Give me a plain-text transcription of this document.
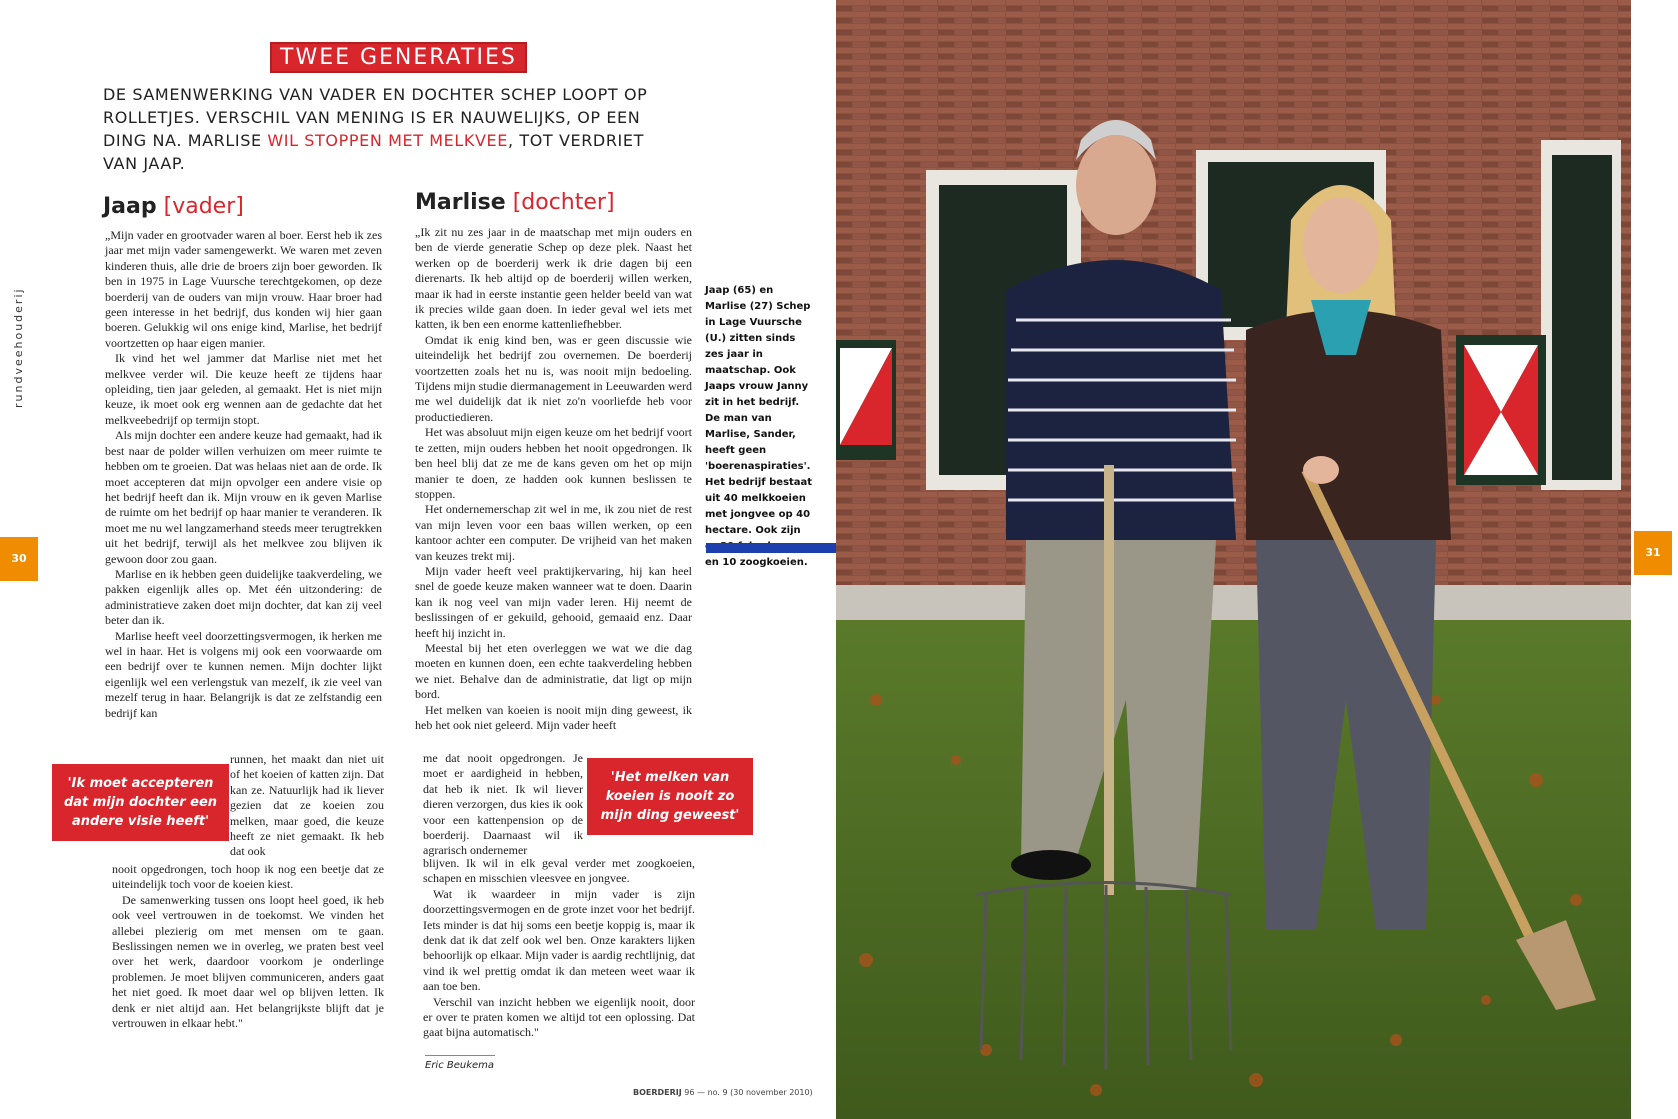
rundveehouderij
30
TWEE GENERATIES
DE SAMENWERKING VAN VADER EN DOCHTER SCHEP LOOPT OP ROLLETJES. VERSCHIL VAN MENING IS ER NAUWELIJKS, OP EEN DING NA. MARLISE WIL STOPPEN MET MELKVEE, TOT VERDRIET VAN JAAP.
Jaap [vader]

„Mijn vader en grootvader waren al boer. Eerst heb ik zes jaar met mijn vader samengewerkt. We waren met zeven kinderen thuis, alle drie de broers zijn boer geworden. Ik ben in 1975 in Lage Vuursche terechtgekomen, op deze boerderij van de ouders van mijn vrouw. Haar broer had geen interesse in het bedrijf, dus konden wij hier gaan boeren. Gelukkig wil ons enige kind, Marlise, het bedrijf voortzetten op haar eigen manier.

Ik vind het wel jammer dat Marlise niet met het melkvee verder wil. Die keuze heeft ze tijdens haar opleiding, tien jaar geleden, al gemaakt. Het is niet mijn keuze, ik moet ook erg wennen aan de gedachte dat het melkveebedrijf op termijn stopt.

Als mijn dochter een andere keuze had gemaakt, had ik best naar de polder willen verhuizen om meer ruimte te hebben om te groeien. Dat was helaas niet aan de orde. Ik moet accepteren dat mijn opvolger een andere visie op het bedrijf heeft dan ik. Mijn vrouw en ik geven Marlise de ruimte om het bedrijf op haar manier te veranderen. Ik moet me nu wel langzamerhand steeds meer terugtrekken uit het bedrijf, terwijl als het melkvee zou blijven ik gewoon door zou gaan.

Marlise en ik hebben geen duidelijke taakverdeling, we pakken eigenlijk alles op. Met één uitzondering: de administratieve zaken doet mijn dochter, dat kan zij veel beter dan ik.

Marlise heeft veel doorzettingsvermogen, ik herken me wel in haar. Het is volgens mij ook een voorwaarde om een bedrijf over te kunnen nemen. Mijn dochter lijkt eigenlijk wel een verlengstuk van mezelf, ik zie veel van mezelf terug in haar. Belangrijk is dat ze zelfstandig een bedrijf kan

runnen, het maakt dan niet uit of het koeien of katten zijn. Dat kan ze. Natuurlijk had ik liever gezien dat ze koeien zou melken, maar goed, die keuze heeft ze niet gemaakt. Ik heb dat ook

nooit opgedrongen, toch hoop ik nog een beetje dat ze uiteindelijk toch voor de koeien kiest.

De samenwerking tussen ons loopt heel goed, ik heb ook veel vertrouwen in de toekomst. We vinden het allebei plezierig om met mensen om te gaan. Beslissingen nemen we in overleg, we praten best veel over het werk, daardoor voorkom je onderlinge problemen. Je moet blijven communiceren, anders gaat het niet goed. Ik moet daar wel op blijven letten. Ik denk er niet altijd aan. Het belangrijkste blijft dat je vertrouwen in elkaar hebt."

'Ik moet accepteren dat mijn dochter een andere visie heeft'
Marlise [dochter]

„Ik zit nu zes jaar in de maatschap met mijn ouders en ben de vierde generatie Schep op deze plek. Naast het werken op de boerderij werk ik drie dagen bij een dierenarts. Ik heb altijd op de boerderij willen werken, maar ik had in eerste instantie geen helder beeld van wat ik precies wilde gaan doen. In ieder geval wel iets met katten, ik ben een enorme kattenliefhebber.

Omdat ik enig kind ben, was er geen discussie wie uiteindelijk het bedrijf zou overnemen. De boerderij voortzetten zoals het nu is, was nooit mijn bedoeling. Tijdens mijn studie diermanagement in Leeuwarden werd me wel duidelijk dat ik niet zo'n voorliefde heb voor productiedieren.

Het was absoluut mijn eigen keuze om het bedrijf voort te zetten, mijn ouders hebben het nooit opgedrongen. Ik ben heel blij dat ze me de kans geven om het op mijn manier te doen, ze hadden ook kunnen beslissen te stoppen.

Het ondernemerschap zit wel in me, ik zou niet de rest van mijn leven voor een baas willen werken, op een kantoor achter een computer. De vrijheid van het maken van keuzes trekt mij.

Mijn vader heeft veel praktijkervaring, hij kan heel snel de goede keuze maken wanneer wat te doen. Daarin kan ik nog veel van mijn vader leren. Hij neemt de beslissingen of er gekuild, gehooid, gemaaid enz. Daar heeft hij inzicht in.

Meestal bij het eten overleggen we wat we die dag moeten en kunnen doen, een echte taakverdeling hebben we niet. Behalve dan de administratie, dat ligt op mijn bord.

Het melken van koeien is nooit mijn ding geweest, ik heb het ook niet geleerd. Mijn vader heeft

me dat nooit opgedrongen. Je moet er aardigheid in hebben, dat heb ik niet. Ik wil liever dieren verzorgen, dus kies ik ook voor een kattenpension op de boerderij. Daarnaast wil ik agrarisch ondernemer

blijven. Ik wil in elk geval verder met zoogkoeien, schapen en misschien vleesvee en jongvee.

Wat ik waardeer in mijn vader is zijn doorzettingsvermogen en de grote inzet voor het bedrijf. Iets minder is dat hij soms een beetje koppig is, maar ik denk dat ik dat zelf ook wel ben. Onze karakters lijken behoorlijk op elkaar. Mijn vader is aardig rechtlijnig, dat vind ik wel prettig omdat ik dan meteen weet waar ik aan toe ben.

Verschil van inzicht hebben we eigenlijk nooit, door er over te praten komen we altijd tot een oplossing. Dat gaat bijna automatisch."

'Het melken van koeien is nooit zo mijn ding geweest'
Jaap (65) en Marlise (27) Schep in Lage Vuursche (U.) zitten sinds zes jaar in maatschap. Ook Jaaps vrouw Janny zit in het bedrijf. De man van Marlise, Sander, heeft geen 'boerenaspiraties'. Het bedrijf bestaat uit 40 melkkoeien met jongvee op 40 hectare. Ook zijn en 10 zoogkoeien.
Eric Beukema
BOERDERIJ 96 — no. 9 (30 november 2010)
31
